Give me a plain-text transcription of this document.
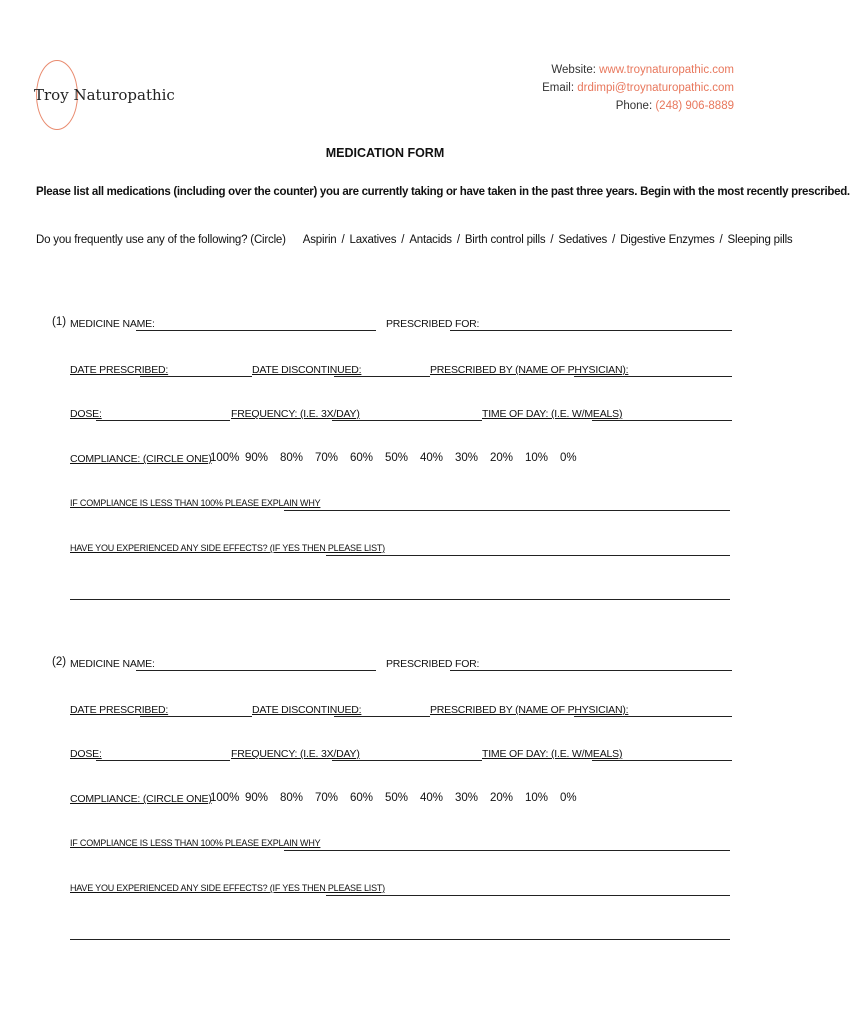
Troy Naturopathic
Website: www.troynaturopathic.com
Email: drdimpi@troynaturopathic.com
Phone: (248) 906-8889
MEDICATION FORM
Please list all medications (including over the counter) you are currently taking or have taken in the past three years. Begin with the most recently prescribed.
Do you frequently use any of the following? (Circle) Aspirin / Laxatives / Antacids / Birth control pills / Sedatives / Digestive Enzymes / Sleeping pills
(1) MEDICINE NAME:	PRESCRIBED FOR:
DATE PRESCRIBED:	DATE DISCONTINUED:	PRESCRIBED BY (NAME OF PHYSICIAN):
DOSE:	FREQUENCY: (I.E. 3X/DAY)	TIME OF DAY: (I.E. W/MEALS)
COMPLIANCE: (CIRCLE ONE)
100% 90% 80% 70% 60% 50% 40% 30% 20% 10% 0%
IF COMPLIANCE IS LESS THAN 100% PLEASE EXPLAIN WHY
HAVE YOU EXPERIENCED ANY SIDE EFFECTS? (IF YES THEN PLEASE LIST)
(2) MEDICINE NAME:	PRESCRIBED FOR:
DATE PRESCRIBED:	DATE DISCONTINUED:	PRESCRIBED BY (NAME OF PHYSICIAN):
DOSE:	FREQUENCY: (I.E. 3X/DAY)	TIME OF DAY: (I.E. W/MEALS)
COMPLIANCE: (CIRCLE ONE)
100% 90% 80% 70% 60% 50% 40% 30% 20% 10% 0%
IF COMPLIANCE IS LESS THAN 100% PLEASE EXPLAIN WHY
HAVE YOU EXPERIENCED ANY SIDE EFFECTS? (IF YES THEN PLEASE LIST)
